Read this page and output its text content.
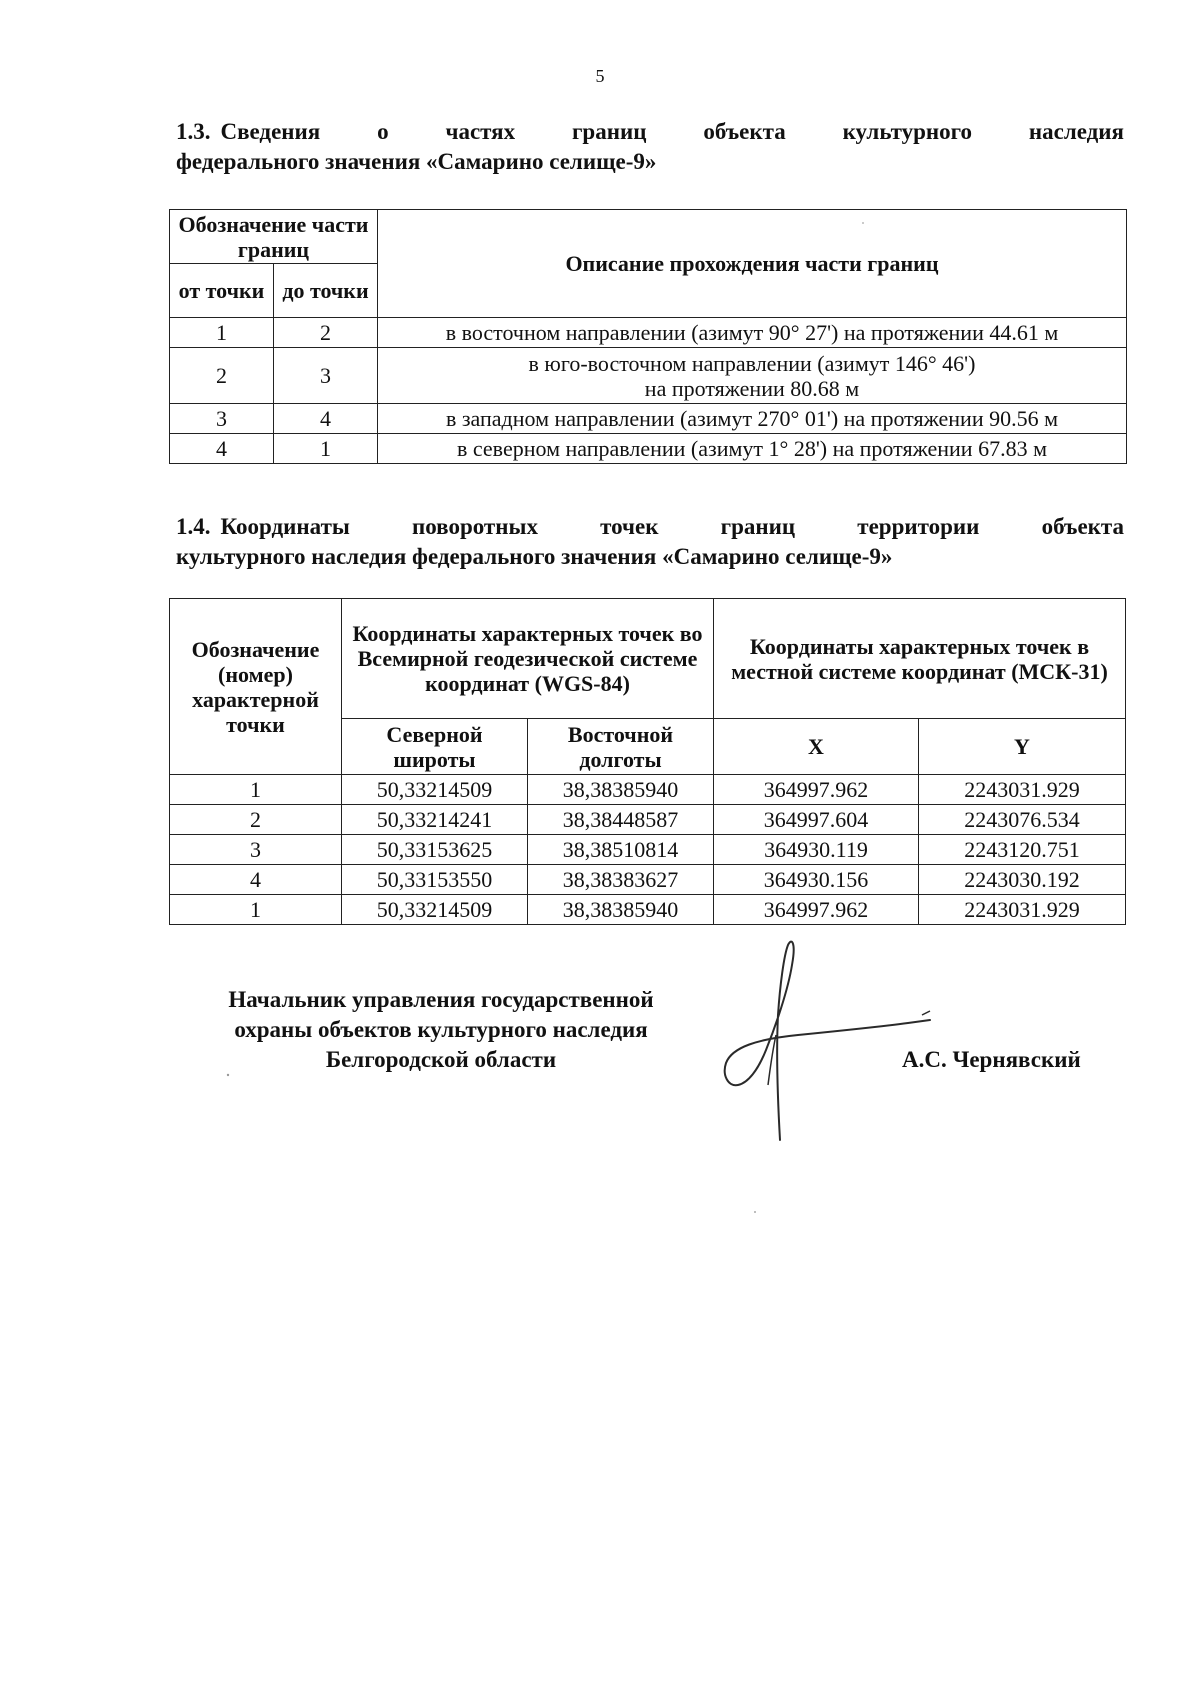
5
1.3. Сведения о частях границ объекта культурного наследия
федерального значения «Самарино селище-9»
Обозначение части границ		Описание прохождения части границ
от точки	до точки	
1	2	в восточном направлении (азимут 90° 27') на протяжении 44.61 м
2	3	в юго-восточном направлении (азимут 146° 46')
на протяжении 80.68 м

3	4	в западном направлении (азимут 270° 01') на протяжении 90.56 м
4	1	в северном направлении (азимут 1° 28') на протяжении 67.83 м
1.4. Координаты поворотных точек границ территории объекта
культурного наследия федерального значения «Самарино селище-9»
Обозначение (номер) характерной точки	Координаты характерных точек во Всемирной геодезической системе координат (WGS-84)		Координаты характерных точек в местной системе координат (МСК-31)	
	Северной широты	Восточной долготы	X	Y
1	50,33214509	38,38385940	364997.962	2243031.929
2	50,33214241	38,38448587	364997.604	2243076.534
3	50,33153625	38,38510814	364930.119	2243120.751
4	50,33153550	38,38383627	364930.156	2243030.192
1	50,33214509	38,38385940	364997.962	2243031.929
Начальник управления государственной
охраны объектов культурного наследия
Белгородской области	А.С. Чернявский
